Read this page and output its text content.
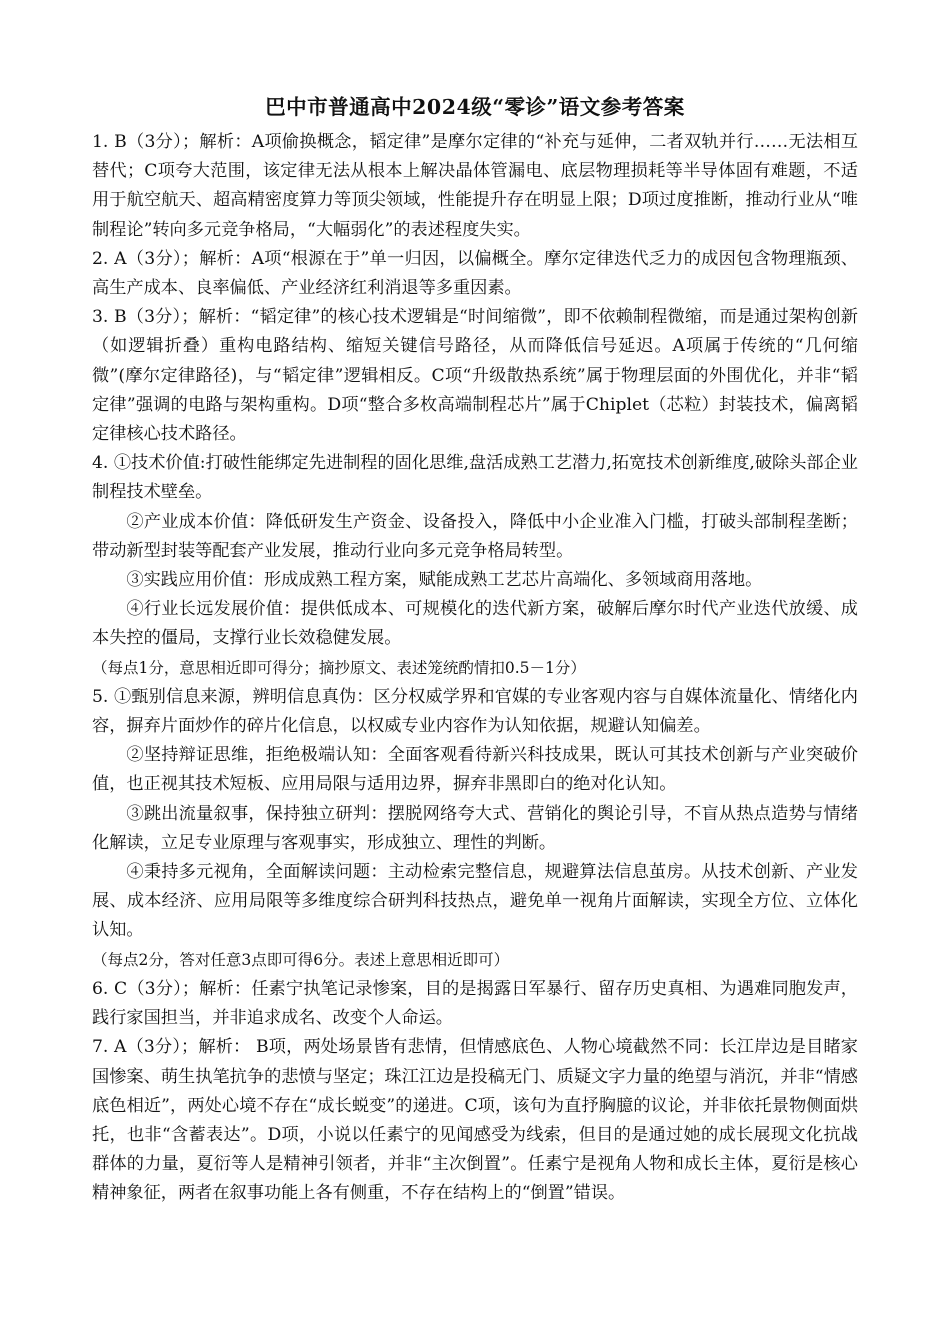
巴中市普通高中2024级“零诊”语文参考答案

1. B（3分）；解析：A项偷换概念，韬定律”是摩尔定律的“补充与延伸，二者双轨并行……无法相互替代；C项夸大范围，该定律无法从根本上解决晶体管漏电、底层物理损耗等半导体固有难题，不适用于航空航天、超高精密度算力等顶尖领域，性能提升存在明显上限；D项过度推断，推动行业从“唯制程论”转向多元竞争格局，“大幅弱化”的表述程度失实。

2. A（3分）；解析：A项“根源在于”单一归因，以偏概全。摩尔定律迭代乏力的成因包含物理瓶颈、高生产成本、良率偏低、产业经济红利消退等多重因素。

3. B（3分）；解析：“韬定律”的核心技术逻辑是“时间缩微”，即不依赖制程微缩，而是通过架构创新（如逻辑折叠）重构电路结构、缩短关键信号路径，从而降低信号延迟。A项属于传统的“几何缩微”(摩尔定律路径)，与“韬定律”逻辑相反。C项“升级散热系统”属于物理层面的外围优化，并非“韬定律”强调的电路与架构重构。D项“整合多枚高端制程芯片”属于Chiplet（芯粒）封装技术，偏离韬定律核心技术路径。

4. ①技术价值:打破性能绑定先进制程的固化思维,盘活成熟工艺潜力,拓宽技术创新维度,破除头部企业制程技术壁垒。

②产业成本价值：降低研发生产资金、设备投入，降低中小企业准入门槛，打破头部制程垄断；带动新型封装等配套产业发展，推动行业向多元竞争格局转型。

③实践应用价值：形成成熟工程方案，赋能成熟工艺芯片高端化、多领域商用落地。

④行业长远发展价值：提供低成本、可规模化的迭代新方案，破解后摩尔时代产业迭代放缓、成本失控的僵局，支撑行业长效稳健发展。

（每点1分，意思相近即可得分；摘抄原文、表述笼统酌情扣0.5－1分）

5. ①甄别信息来源，辨明信息真伪：区分权威学界和官媒的专业客观内容与自媒体流量化、情绪化内容，摒弃片面炒作的碎片化信息，以权威专业内容作为认知依据，规避认知偏差。

②坚持辩证思维，拒绝极端认知：全面客观看待新兴科技成果，既认可其技术创新与产业突破价值，也正视其技术短板、应用局限与适用边界，摒弃非黑即白的绝对化认知。

③跳出流量叙事，保持独立研判：摆脱网络夸大式、营销化的舆论引导，不盲从热点造势与情绪化解读，立足专业原理与客观事实，形成独立、理性的判断。

④秉持多元视角，全面解读问题：主动检索完整信息，规避算法信息茧房。从技术创新、产业发展、成本经济、应用局限等多维度综合研判科技热点，避免单一视角片面解读，实现全方位、立体化认知。

（每点2分，答对任意3点即可得6分。表述上意思相近即可）

6. C（3分）；解析：任素宁执笔记录惨案，目的是揭露日军暴行、留存历史真相、为遇难同胞发声，践行家国担当，并非追求成名、改变个人命运。

7. A（3分）；解析： B项，两处场景皆有悲情，但情感底色、人物心境截然不同：长江岸边是目睹家国惨案、萌生执笔抗争的悲愤与坚定；珠江江边是投稿无门、质疑文字力量的绝望与消沉，并非“情感底色相近”，两处心境不存在“成长蜕变”的递进。C项，该句为直抒胸臆的议论，并非依托景物侧面烘托，也非“含蓄表达”。D项，小说以任素宁的见闻感受为线索，但目的是通过她的成长展现文化抗战群体的力量，夏衍等人是精神引领者，并非“主次倒置”。任素宁是视角人物和成长主体，夏衍是核心精神象征，两者在叙事功能上各有侧重，不存在结构上的“倒置”错误。
